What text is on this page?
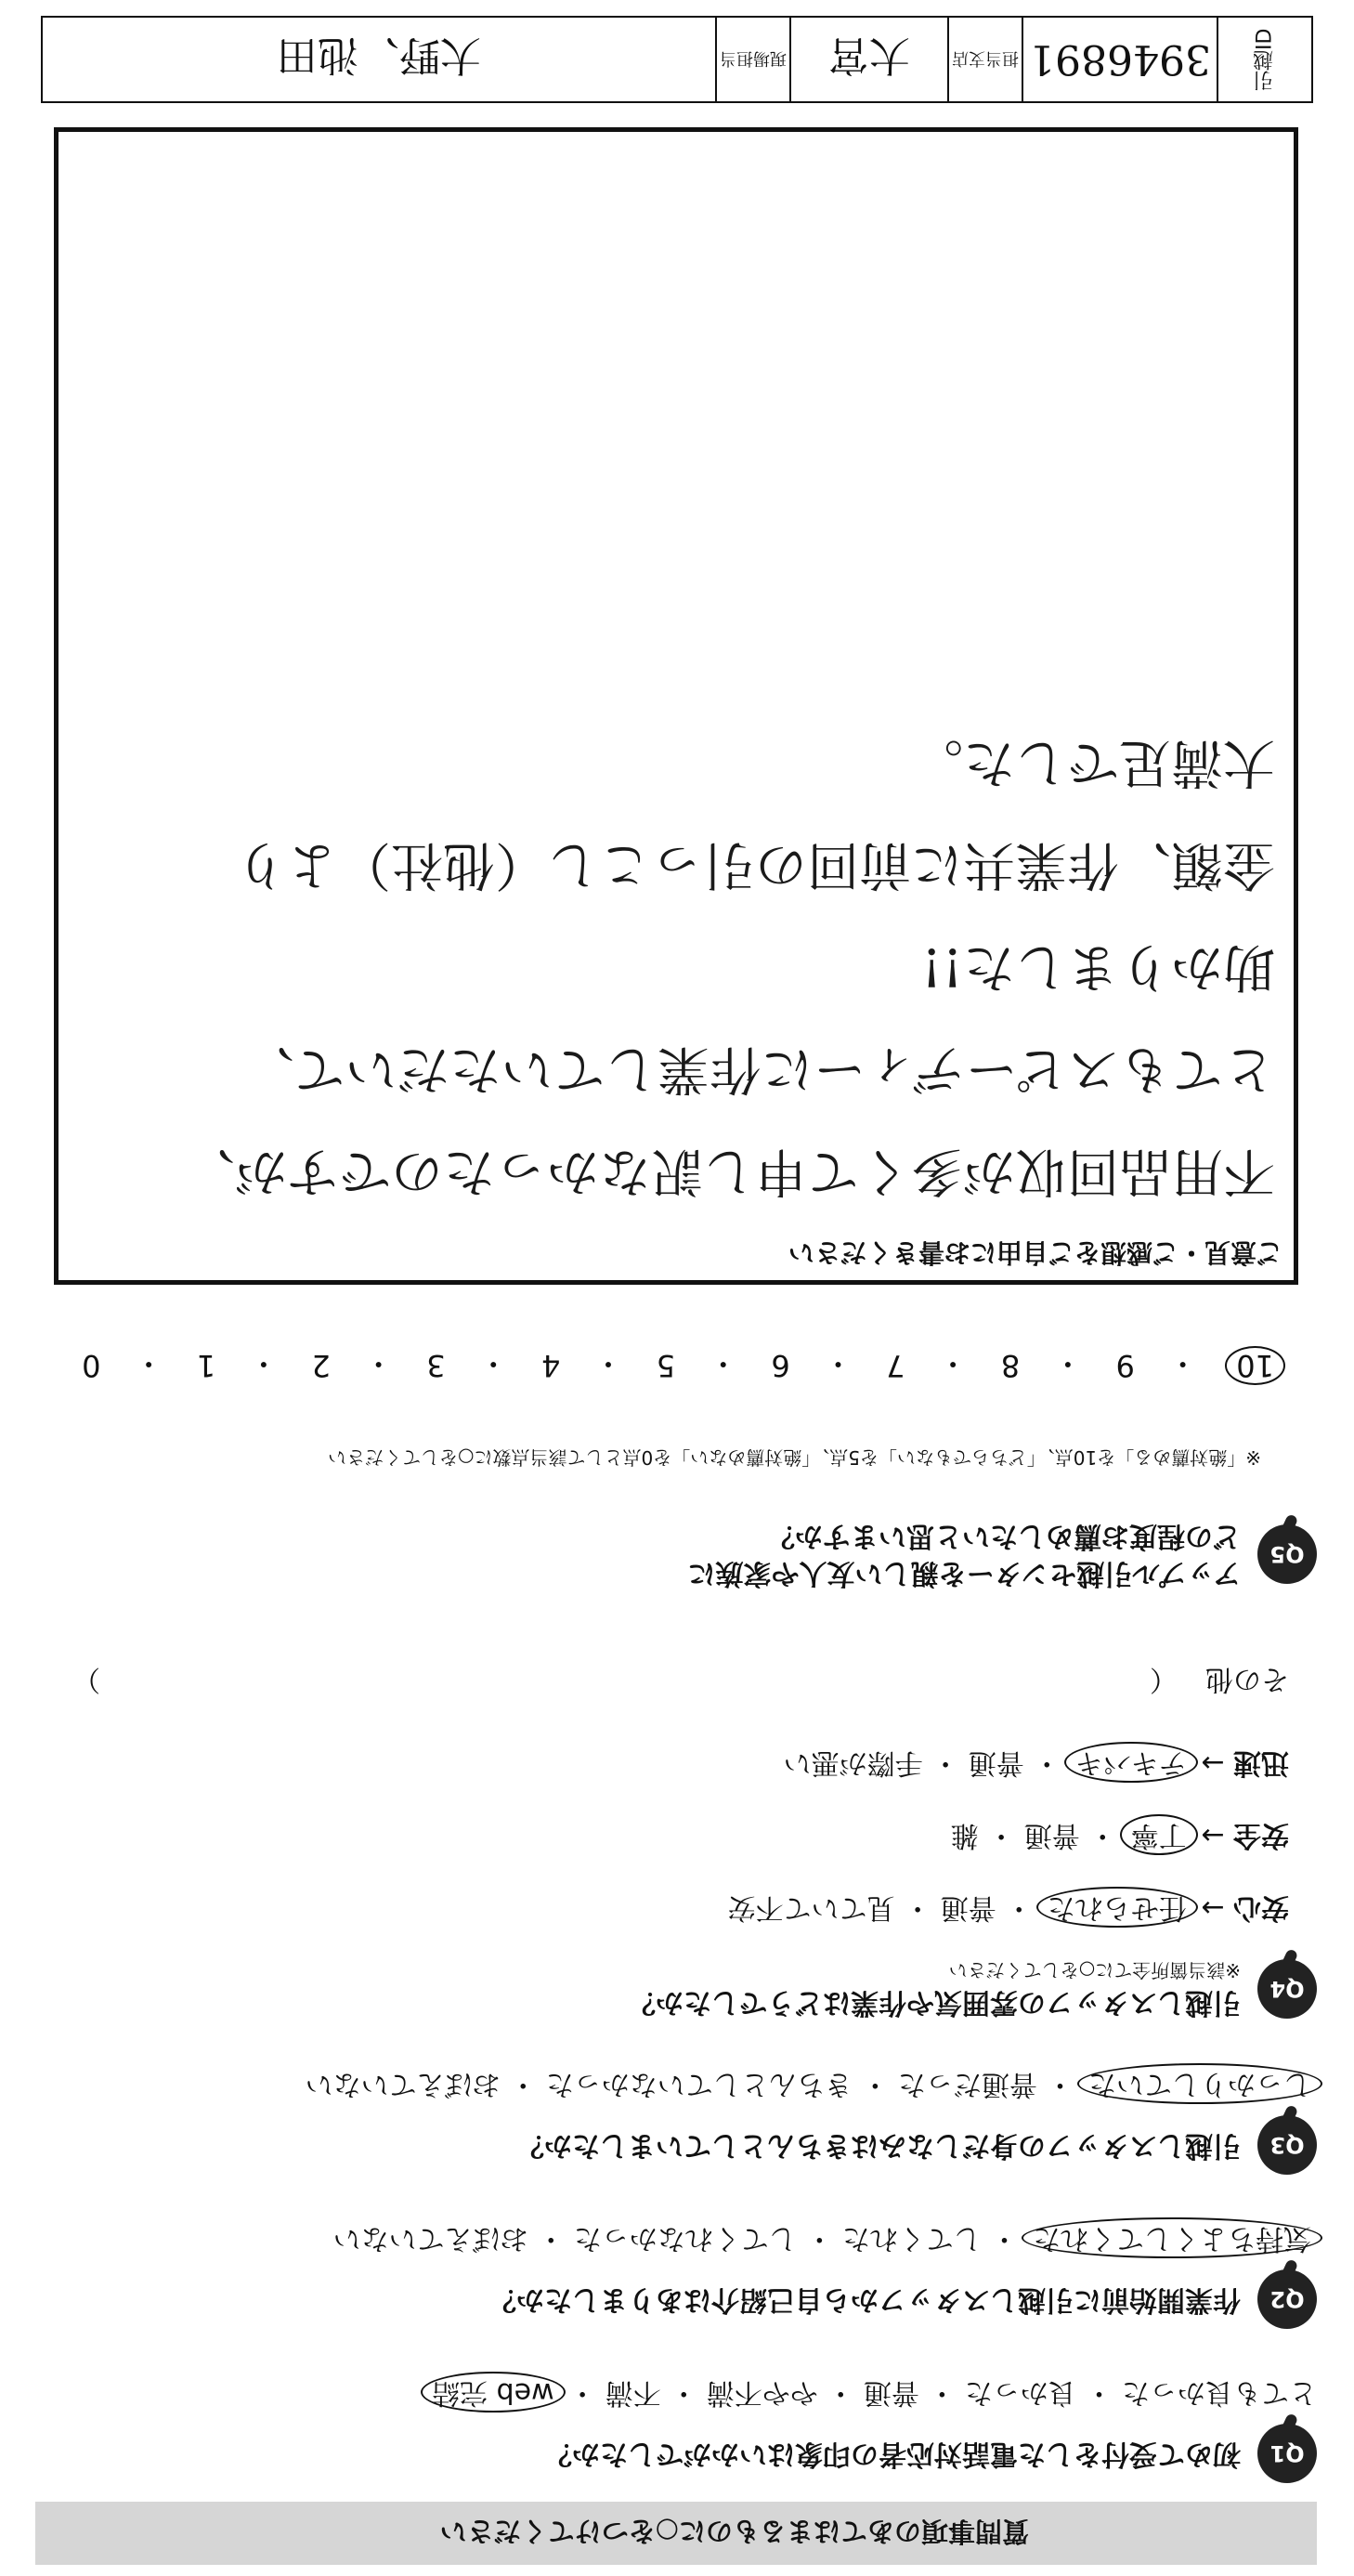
質問事項のあてはまるものに○をつけてください
Q1
初めて受付をした電話対応者の印象はいかがでしたか？
とても良かった ・ 良かった ・ 普通 ・ やや不満 ・ 不満 ・ web 完結
Q2
作業開始前に引越しスタッフから自己紹介はありましたか？
気持ちよくしてくれた ・ してくれた ・ してくれなかった ・ おぼえていない
Q3
引越しスタッフの身だしなみはきちんとしていましたか？
しっかりしていた ・ 普通だった ・ きちんとしていなかった ・ おぼえていない
Q4
引越しスタッフの雰囲気や作業はどうでしたか？
※該当箇所全てに○をしてください
安心 → 任せられた ・ 普通 ・ 見ていて不安
安全 → 丁寧 ・ 普通 ・ 雑
迅速 → テキパキ ・ 普通 ・ 手際が悪い
その他
（
）
Q5
アップル引越センターを親しい友人や家族に
どの程度お薦めしたいと思いますか？
※「絶対薦める」を10点、「どちらでもない」を5点、「絶対薦めない」を0点として該当点数に○をしてください
10
・
9
・
8
・
7
・
6
・
5
・
4
・
3
・
2
・
1
・
0
ご意見・ご感想をご自由にお書きください
不用品回収が多くて申し訳なかったのですが、
とてもスピーディーに作業していただいて、
助かりました!!
金額、作業共に前回の引っこし（他社）より
大満足でした。
引越ID
3946891
担当支店
大宮
現場担当
大野、池田
